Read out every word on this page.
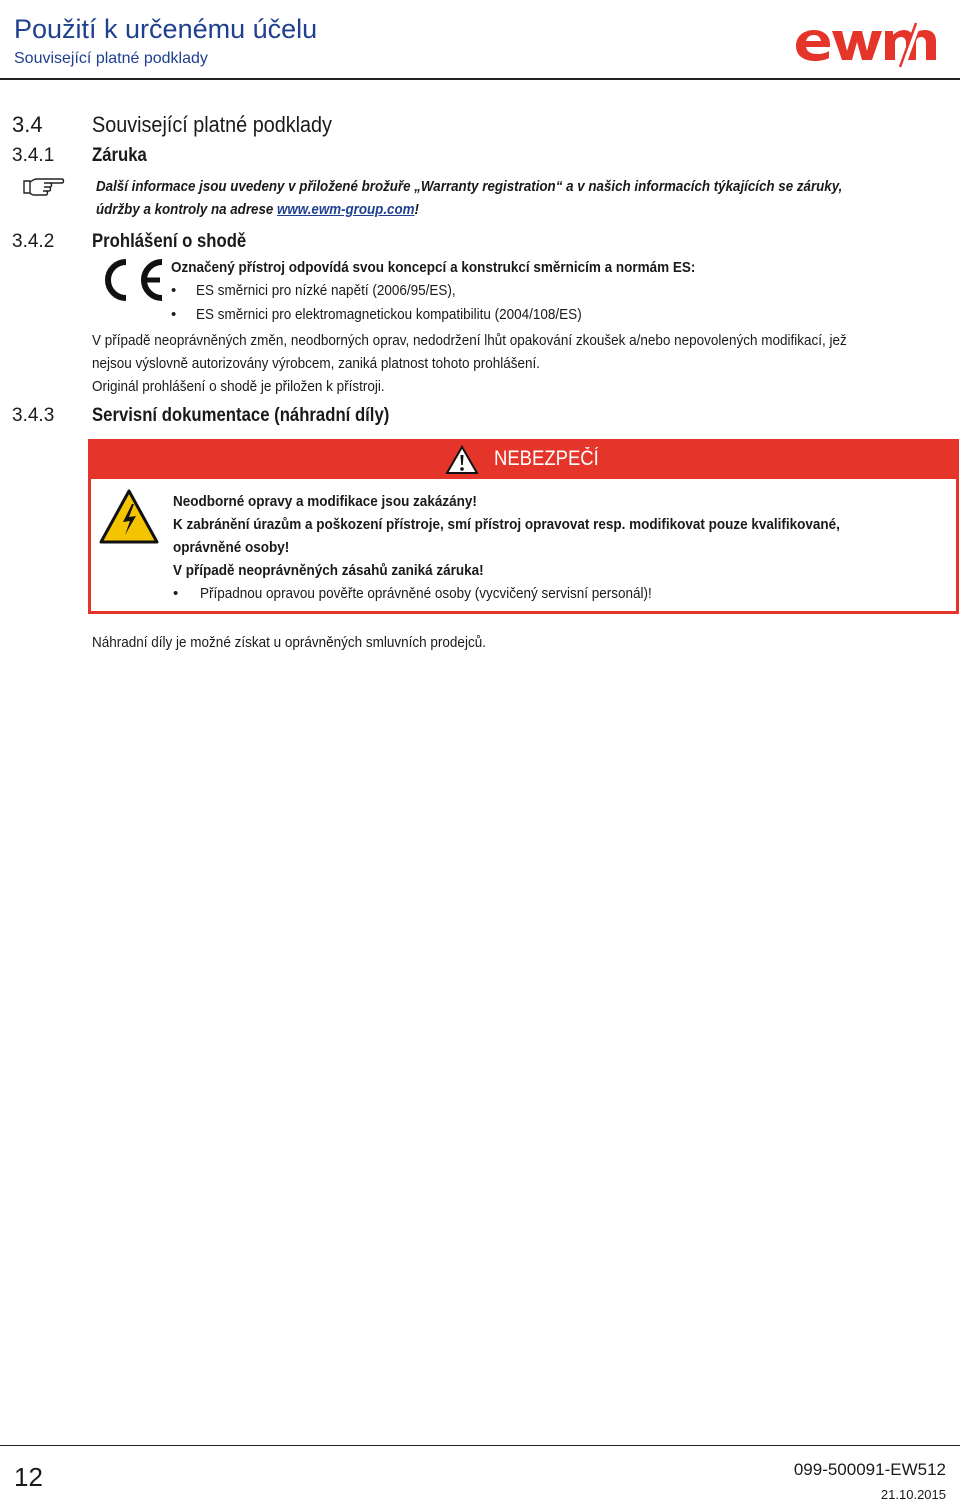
Použití k určenému účelu
Související platné podklady
3.4 Související platné podklady
3.4.1 Záruka
Další informace jsou uvedeny v přiložené brožuře „Warranty registration“ a v našich informacích týkajících se záruky,
údržby a kontroly na adrese www.ewm-group.com!
3.4.2 Prohlášení o shodě
Označený přístroj odpovídá svou koncepcí a konstrukcí směrnicím a normám ES:
• ES směrnici pro nízké napětí (2006/95/ES),
• ES směrnici pro elektromagnetickou kompatibilitu (2004/108/ES)
V případě neoprávněných změn, neodborných oprav, nedodržení lhůt opakování zkoušek a/nebo nepovolených modifikací, jež
nejsou výslovně autorizovány výrobcem, zaniká platnost tohoto prohlášení.
Originál prohlášení o shodě je přiložen k přístroji.
3.4.3 Servisní dokumentace (náhradní díly)
NEBEZPEČÍ
Neodborné opravy a modifikace jsou zakázány!
K zabránění úrazům a poškození přístroje, smí přístroj opravovat resp. modifikovat pouze kvalifikované,
oprávněné osoby!
V případě neoprávněných zásahů zaniká záruka!
• Případnou opravou pověřte oprávněné osoby (vycvičený servisní personál)!
Náhradní díly je možné získat u oprávněných smluvních prodejců.
12	099-500091-EW512
21.10.2015
